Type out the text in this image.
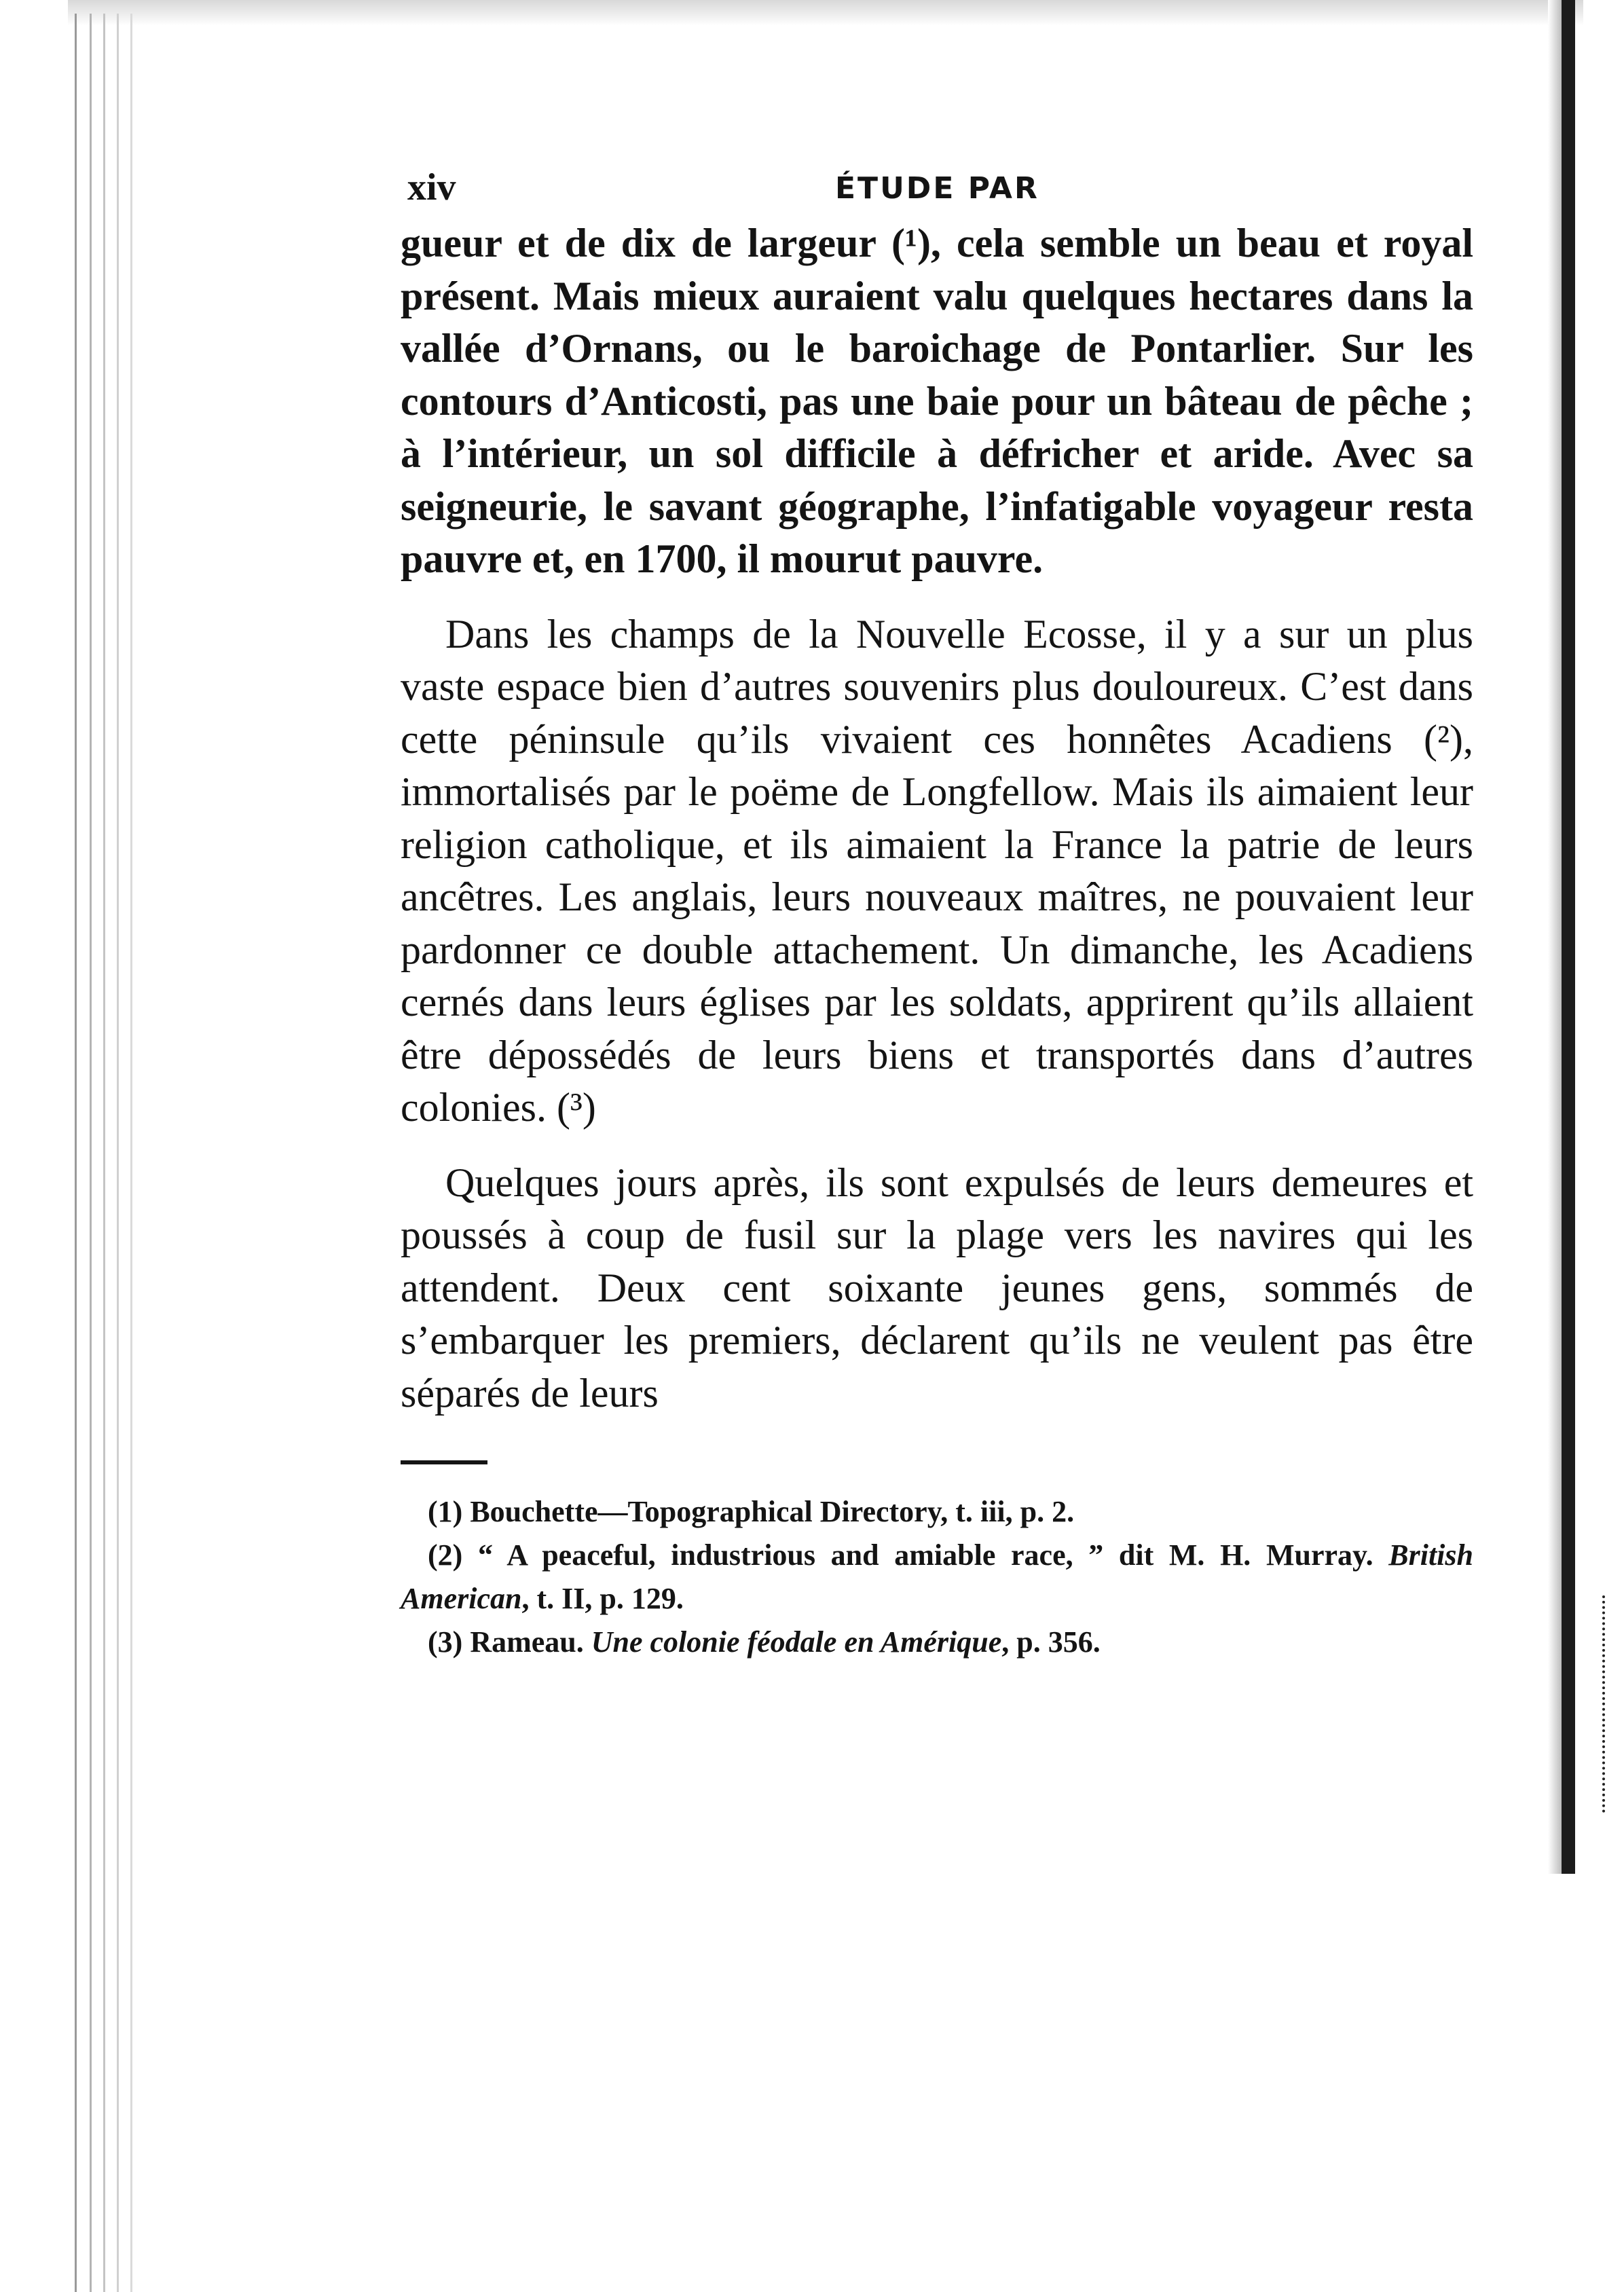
xiv	ÉTUDE PAR

gueur et de dix de largeur (¹), cela semble un beau et royal présent. Mais mieux auraient valu quelques hectares dans la vallée d’Ornans, ou le baroichage de Pontarlier. Sur les contours d’Anticosti, pas une baie pour un bâteau de pêche ; à l’intérieur, un sol difficile à défricher et aride. Avec sa seigneurie, le savant géographe, l’infatigable voyageur resta pauvre et, en 1700, il mourut pauvre.

Dans les champs de la Nouvelle Ecosse, il y a sur un plus vaste espace bien d’autres souvenirs plus douloureux. C’est dans cette péninsule qu’ils vivaient ces honnêtes Acadiens (²), immortalisés par le poëme de Longfellow. Mais ils aimaient leur religion catholique, et ils aimaient la France la patrie de leurs ancêtres. Les anglais, leurs nouveaux maîtres, ne pouvaient leur pardonner ce double attachement. Un dimanche, les Acadiens cernés dans leurs églises par les soldats, apprirent qu’ils allaient être dépossédés de leurs biens et transportés dans d’autres colonies. (³)

Quelques jours après, ils sont expulsés de leurs demeures et poussés à coup de fusil sur la plage vers les navires qui les attendent. Deux cent soixante jeunes gens, sommés de s’embarquer les premiers, déclarent qu’ils ne veulent pas être séparés de leurs

(1) Bouchette—Topographical Directory, t. iii, p. 2.

(2) “ A peaceful, industrious and amiable race, ” dit M. H. Murray. British American, t. II, p. 129.

(3) Rameau. Une colonie féodale en Amérique, p. 356.
